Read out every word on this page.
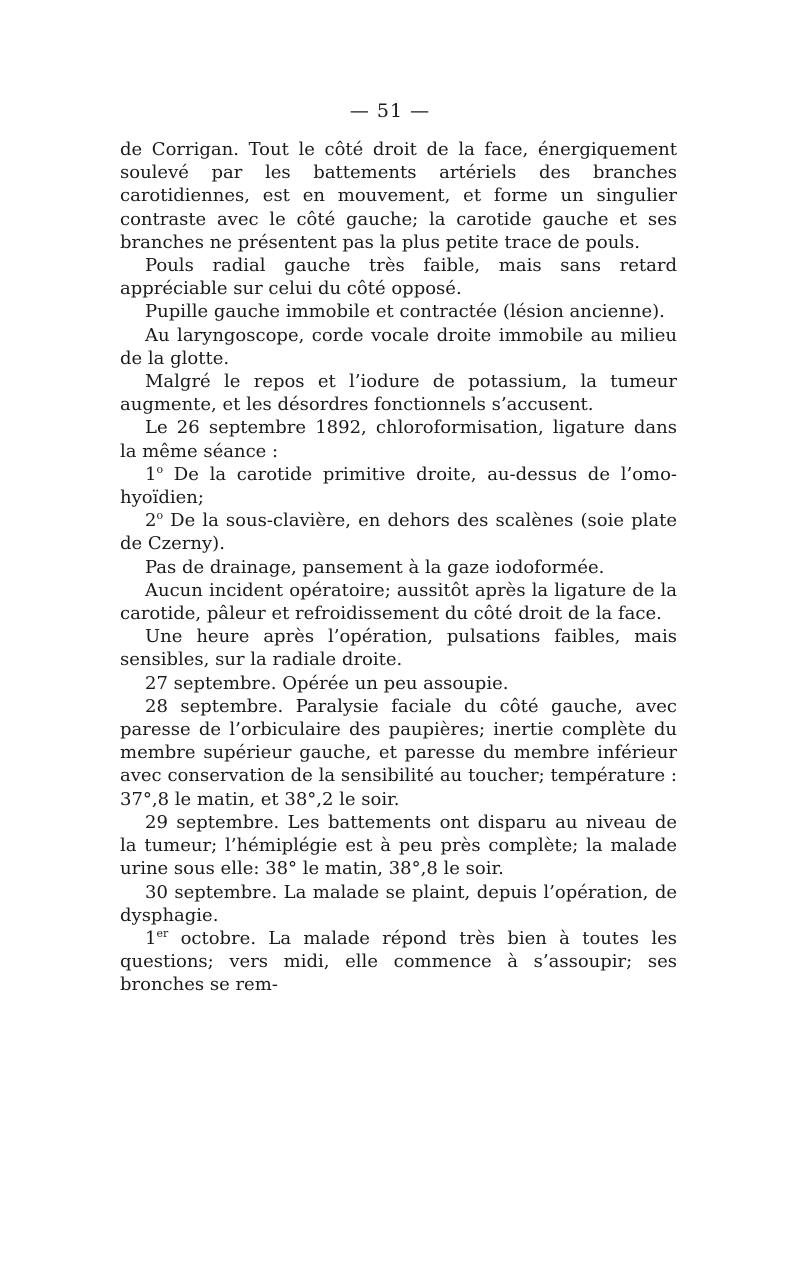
— 51 —

de Corrigan. Tout le côté droit de la face, énergiquement soulevé par les battements artériels des branches carotidiennes, est en mouvement, et forme un singulier contraste avec le côté gauche; la carotide gauche et ses branches ne présentent pas la plus petite trace de pouls.

Pouls radial gauche très faible, mais sans retard appréciable sur celui du côté opposé.

Pupille gauche immobile et contractée (lésion ancienne).

Au laryngoscope, corde vocale droite immobile au milieu de la glotte.

Malgré le repos et l’iodure de potassium, la tumeur augmente, et les désordres fonctionnels s’accusent.

Le 26 septembre 1892, chloroformisation, ligature dans la même séance :

1$^o$ De la carotide primitive droite, au-dessus de l’omo-hyoïdien;

2$^o$ De la sous-clavière, en dehors des scalènes (soie plate de Czerny).

Pas de drainage, pansement à la gaze iodoformée.

Aucun incident opératoire; aussitôt après la ligature de la carotide, pâleur et refroidissement du côté droit de la face.

Une heure après l’opération, pulsations faibles, mais sensibles, sur la radiale droite.

27 septembre. Opérée un peu assoupie.

28 septembre. Paralysie faciale du côté gauche, avec paresse de l’orbiculaire des paupières; inertie complète du membre supérieur gauche, et paresse du membre inférieur avec conservation de la sensibilité au toucher; température : 37°,8 le matin, et 38°,2 le soir.

29 septembre. Les battements ont disparu au niveau de la tumeur; l’hémiplégie est à peu près complète; la malade urine sous elle: 38° le matin, 38°,8 le soir.

30 septembre. La malade se plaint, depuis l’opération, de dysphagie.

1er octobre. La malade répond très bien à toutes les questions; vers midi, elle commence à s’assoupir; ses bronches se rem-
